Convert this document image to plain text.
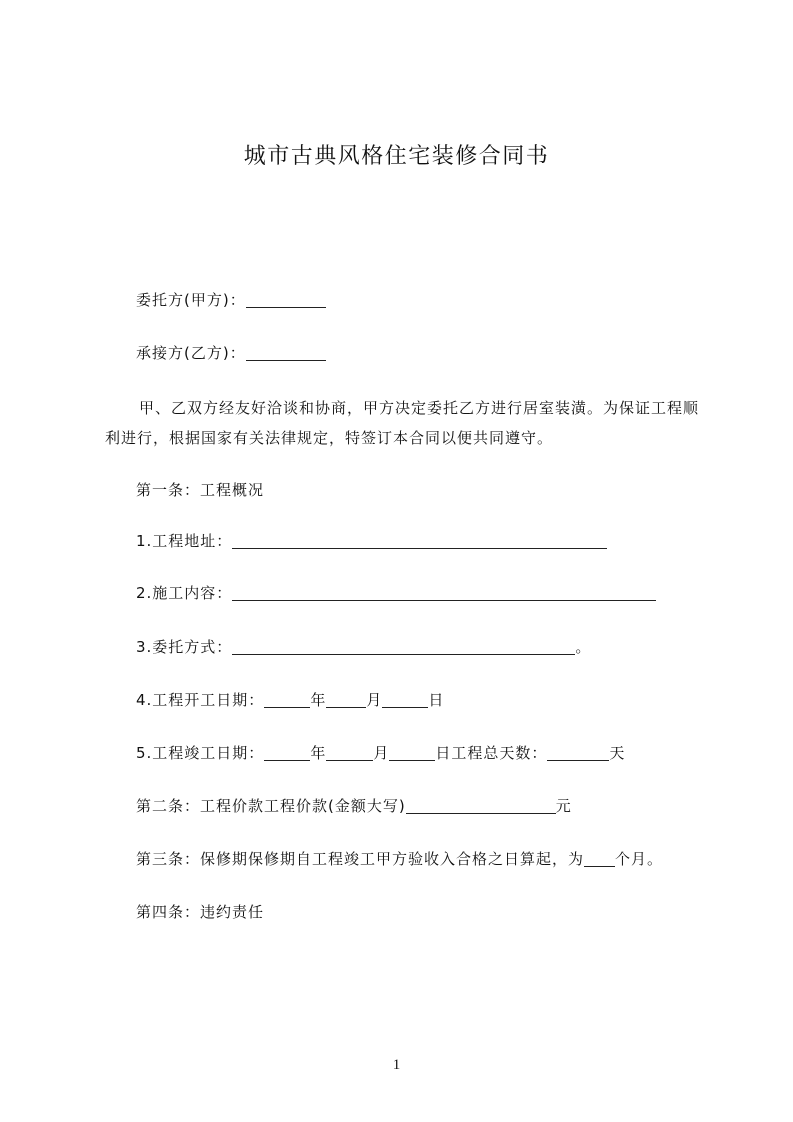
城市古典风格住宅装修合同书
委托方(甲方)：
承接方(乙方)：
甲、乙双方经友好洽谈和协商，甲方决定委托乙方进行居室装潢。为保证工程顺利进行，根据国家有关法律规定，特签订本合同以便共同遵守。
第一条：工程概况
1.工程地址：
2.施工内容：
3.委托方式：	。
4.工程开工日期：	年	月	日
5.工程竣工日期：	年	月	日工程总天数：	天
第二条：工程价款工程价款(金额大写)	元
第三条：保修期保修期自工程竣工甲方验收入合格之日算起，为 个月。
第四条：违约责任
1
